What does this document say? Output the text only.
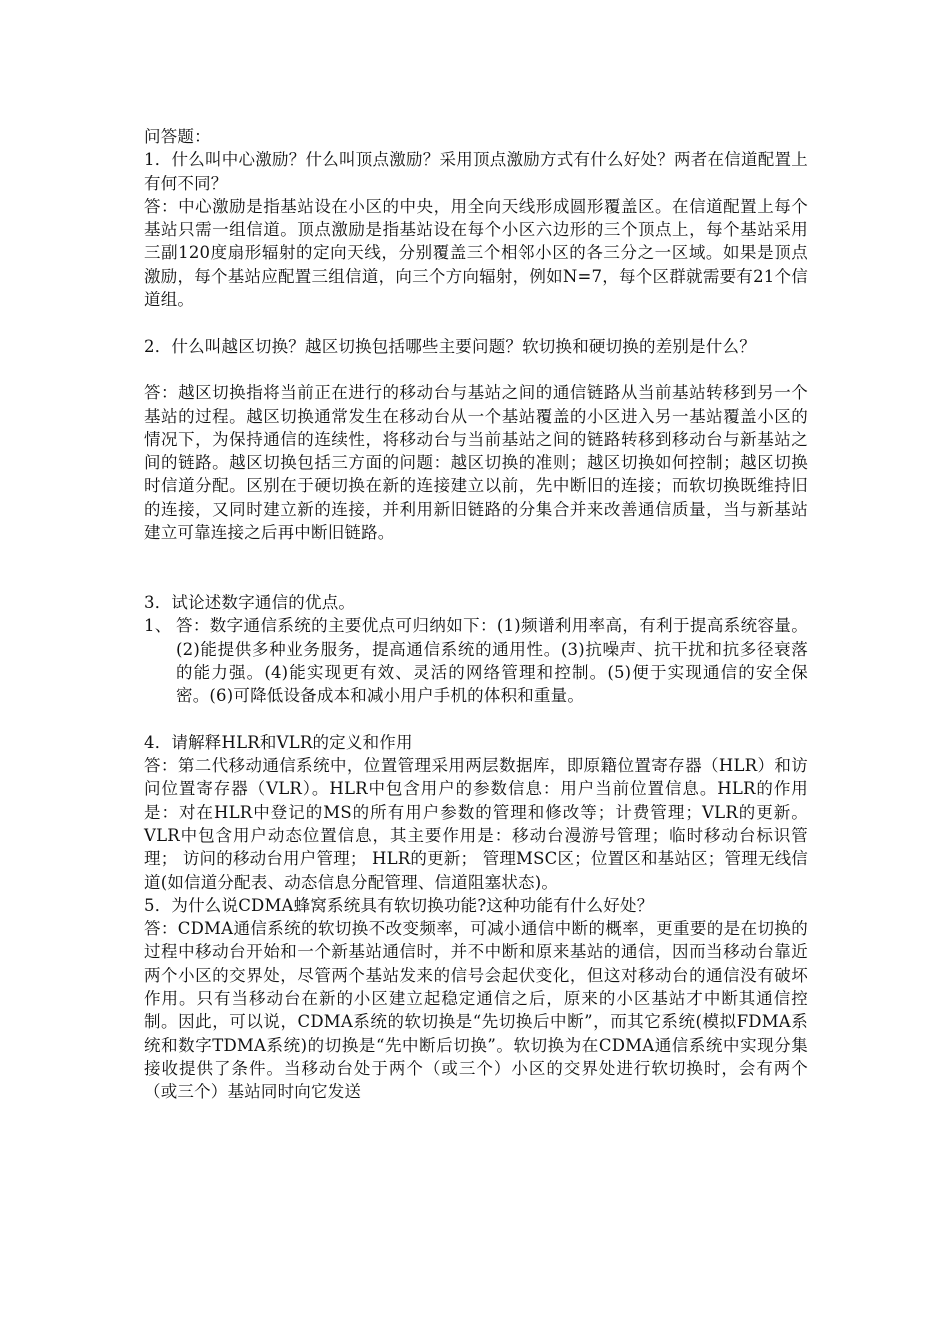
问答题：

1．什么叫中心激励？什么叫顶点激励？采用顶点激励方式有什么好处？两者在信道配置上有何不同？

答：中心激励是指基站设在小区的中央，用全向天线形成圆形覆盖区。在信道配置上每个基站只需一组信道。顶点激励是指基站设在每个小区六边形的三个顶点上，每个基站采用三副120度扇形辐射的定向天线，分别覆盖三个相邻小区的各三分之一区域。如果是顶点激励，每个基站应配置三组信道，向三个方向辐射，例如N=7，每个区群就需要有21个信道组。

2．什么叫越区切换？越区切换包括哪些主要问题？软切换和硬切换的差别是什么？

答：越区切换指将当前正在进行的移动台与基站之间的通信链路从当前基站转移到另一个基站的过程。越区切换通常发生在移动台从一个基站覆盖的小区进入另一基站覆盖小区的情况下，为保持通信的连续性，将移动台与当前基站之间的链路转移到移动台与新基站之间的链路。越区切换包括三方面的问题：越区切换的准则；越区切换如何控制；越区切换时信道分配。区别在于硬切换在新的连接建立以前，先中断旧的连接；而软切换既维持旧的连接，又同时建立新的连接，并利用新旧链路的分集合并来改善通信质量，当与新基站建立可靠连接之后再中断旧链路。

3．试论述数字通信的优点。

1、 答：数字通信系统的主要优点可归纳如下：(1)频谱利用率高，有利于提高系统容量。(2)能提供多种业务服务，提高通信系统的通用性。(3)抗噪声、抗干扰和抗多径衰落的能力强。(4)能实现更有效、灵活的网络管理和控制。(5)便于实现通信的安全保密。(6)可降低设备成本和减小用户手机的体积和重量。

4．请解释HLR和VLR的定义和作用

答：第二代移动通信系统中，位置管理采用两层数据库，即原籍位置寄存器（HLR）和访问位置寄存器（VLR）。HLR中包含用户的参数信息：用户当前位置信息。HLR的作用是：对在HLR中登记的MS的所有用户参数的管理和修改等；计费管理；VLR的更新。VLR中包含用户动态位置信息，其主要作用是：移动台漫游号管理；临时移动台标识管理； 访问的移动台用户管理； HLR的更新； 管理MSC区；位置区和基站区；管理无线信道(如信道分配表、动态信息分配管理、信道阻塞状态)。

5．为什么说CDMA蜂窝系统具有软切换功能?这种功能有什么好处？

答：CDMA通信系统的软切换不改变频率，可减小通信中断的概率，更重要的是在切换的过程中移动台开始和一个新基站通信时，并不中断和原来基站的通信，因而当移动台靠近两个小区的交界处，尽管两个基站发来的信号会起伏变化，但这对移动台的通信没有破坏作用。只有当移动台在新的小区建立起稳定通信之后，原来的小区基站才中断其通信控制。因此，可以说，CDMA系统的软切换是“先切换后中断”，而其它系统(模拟FDMA系统和数字TDMA系统)的切换是“先中断后切换”。软切换为在CDMA通信系统中实现分集接收提供了条件。当移动台处于两个（或三个）小区的交界处进行软切换时，会有两个（或三个）基站同时向它发送
